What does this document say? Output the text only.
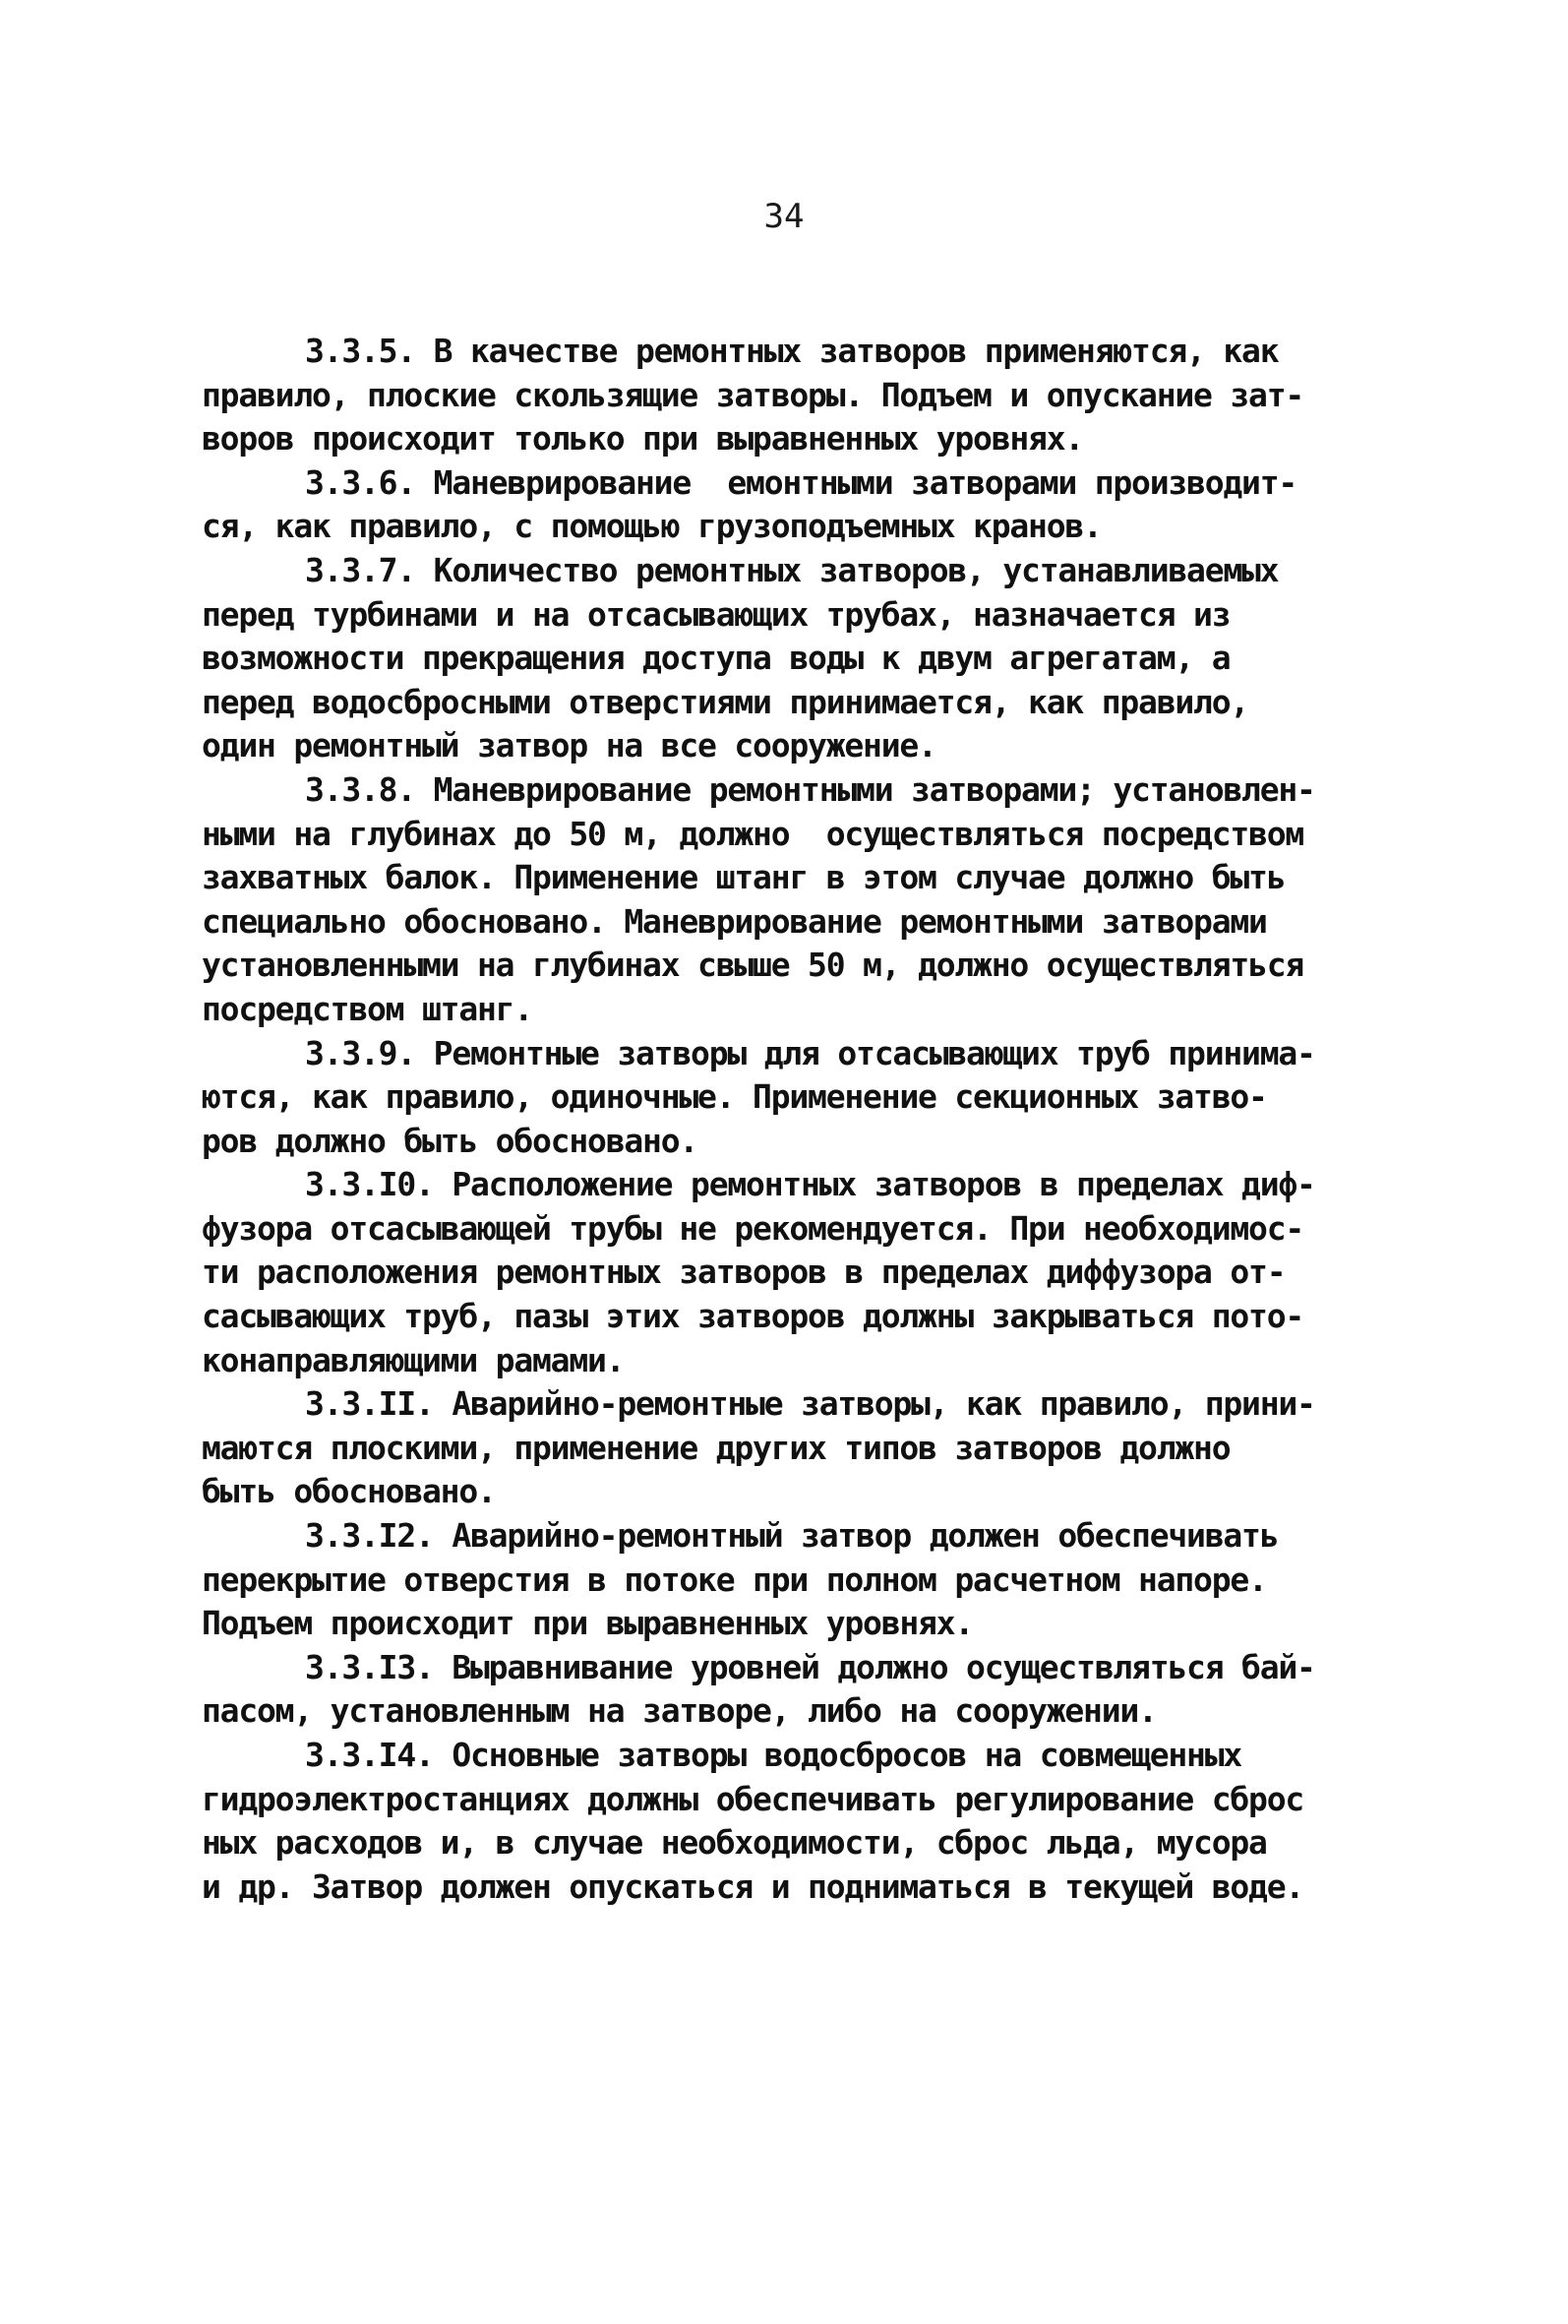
34
3.3.5. В качестве ремонтных затворов применяются, как
правило, плоские скользящие затворы. Подъем и опускание зат-
воров происходит только при выравненных уровнях.
3.3.6. Маневрирование  емонтными затворами производит-
ся, как правило, с помощью грузоподъемных кранов.
3.3.7. Количество ремонтных затворов, устанавливаемых
перед турбинами и на отсасывающих трубах, назначается из
возможности прекращения доступа воды к двум агрегатам, а
перед водосбросными отверстиями принимается, как правило,
один ремонтный затвор на все сооружение.
3.3.8. Маневрирование ремонтными затворами; установлен-
ными на глубинах до 50 м, должно  осуществляться посредством
захватных балок. Применение штанг в этом случае должно быть
специально обосновано. Маневрирование ремонтными затворами
установленными на глубинах свыше 50 м, должно осуществляться
посредством штанг.
3.3.9. Ремонтные затворы для отсасывающих труб принима-
ются, как правило, одиночные. Применение секционных затво-
ров должно быть обосновано.
3.3.I0. Расположение ремонтных затворов в пределах диф-
фузора отсасывающей трубы не рекомендуется. При необходимос-
ти расположения ремонтных затворов в пределах диффузора от-
сасывающих труб, пазы этих затворов должны закрываться пото-
конаправляющими рамами.
3.3.II. Аварийно-ремонтные затворы, как правило, прини-
маются плоскими, применение других типов затворов должно
быть обосновано.
3.3.I2. Аварийно-ремонтный затвор должен обеспечивать
перекрытие отверстия в потоке при полном расчетном напоре.
Подъем происходит при выравненных уровнях.
3.3.I3. Выравнивание уровней должно осуществляться бай-
пасом, установленным на затворе, либо на сооружении.
3.3.I4. Основные затворы водосбросов на совмещенных
гидроэлектростанциях должны обеспечивать регулирование сброс
ных расходов и, в случае необходимости, сброс льда, мусора
и др. Затвор должен опускаться и подниматься в текущей воде.
